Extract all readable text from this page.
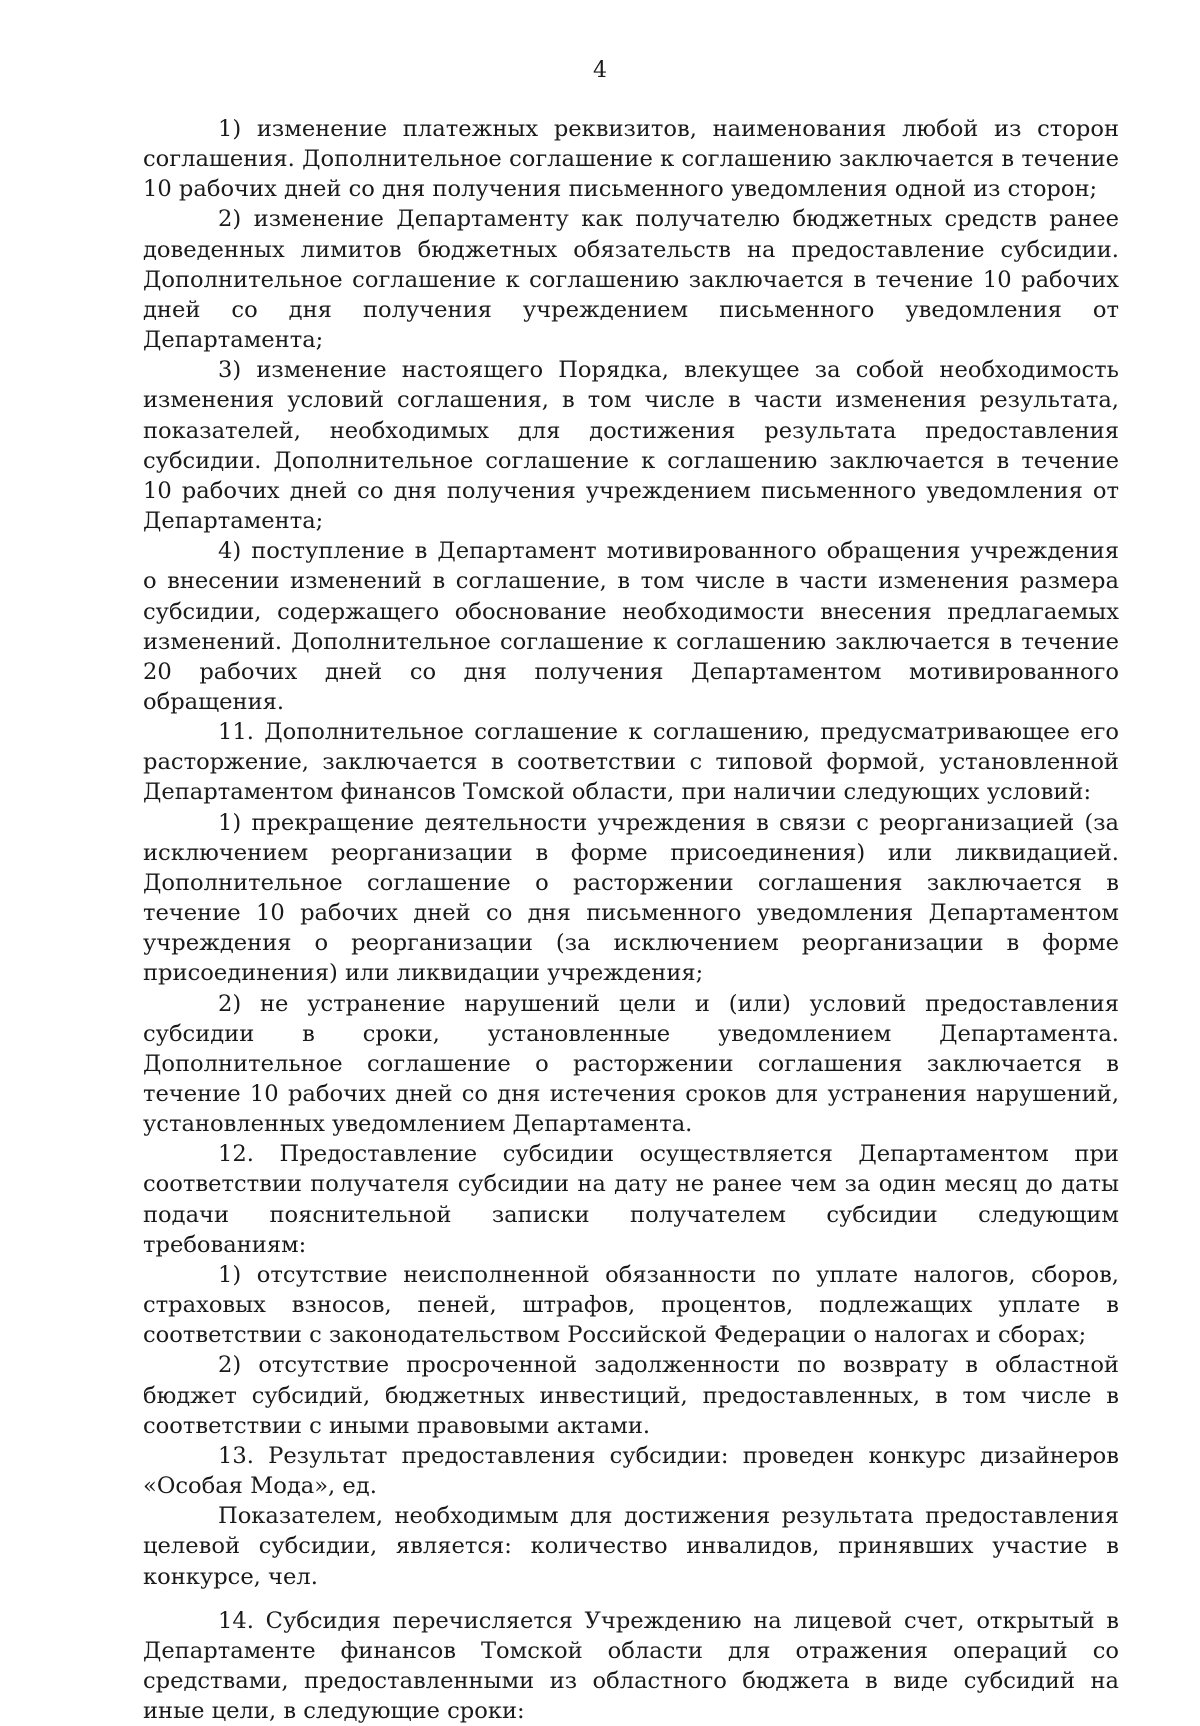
4

1) изменение платежных реквизитов, наименования любой из сторон соглашения. Дополнительное соглашение к соглашению заключается в течение 10 рабочих дней со дня получения письменного уведомления одной из сторон;

2) изменение Департаменту как получателю бюджетных средств ранее доведенных лимитов бюджетных обязательств на предоставление субсидии. Дополнительное соглашение к соглашению заключается в течение 10 рабочих дней со дня получения учреждением письменного уведомления от Департамента;

3) изменение настоящего Порядка, влекущее за собой необходимость изменения условий соглашения, в том числе в части изменения результата, показателей, необходимых для достижения результата предоставления субсидии. Дополнительное соглашение к соглашению заключается в течение 10 рабочих дней со дня получения учреждением письменного уведомления от Департамента;

4) поступление в Департамент мотивированного обращения учреждения о внесении изменений в соглашение, в том числе в части изменения размера субсидии, содержащего обоснование необходимости внесения предлагаемых изменений. Дополнительное соглашение к соглашению заключается в течение 20 рабочих дней со дня получения Департаментом мотивированного обращения.

11. Дополнительное соглашение к соглашению, предусматривающее его расторжение, заключается в соответствии с типовой формой, установленной Департаментом финансов Томской области, при наличии следующих условий:

1) прекращение деятельности учреждения в связи с реорганизацией (за исключением реорганизации в форме присоединения) или ликвидацией. Дополнительное соглашение о расторжении соглашения заключается в течение 10 рабочих дней со дня письменного уведомления Департаментом учреждения о реорганизации (за исключением реорганизации в форме присоединения) или ликвидации учреждения;

2) не устранение нарушений цели и (или) условий предоставления субсидии в сроки, установленные уведомлением Департамента. Дополнительное соглашение о расторжении соглашения заключается в течение 10 рабочих дней со дня истечения сроков для устранения нарушений, установленных уведомлением Департамента.

12. Предоставление субсидии осуществляется Департаментом при соответствии получателя субсидии на дату не ранее чем за один месяц до даты подачи пояснительной записки получателем субсидии следующим требованиям:

1) отсутствие неисполненной обязанности по уплате налогов, сборов, страховых взносов, пеней, штрафов, процентов, подлежащих уплате в соответствии с законодательством Российской Федерации о налогах и сборах;

2) отсутствие просроченной задолженности по возврату в областной бюджет субсидий, бюджетных инвестиций, предоставленных, в том числе в соответствии с иными правовыми актами.

13. Результат предоставления субсидии: проведен конкурс дизайнеров «Особая Мода», ед.

Показателем, необходимым для достижения результата предоставления целевой субсидии, является: количество инвалидов, принявших участие в конкурсе, чел.

14. Субсидия перечисляется Учреждению на лицевой счет, открытый в Департаменте финансов Томской области для отражения операций со средствами, предоставленными из областного бюджета в виде субсидий на иные цели, в следующие сроки:
